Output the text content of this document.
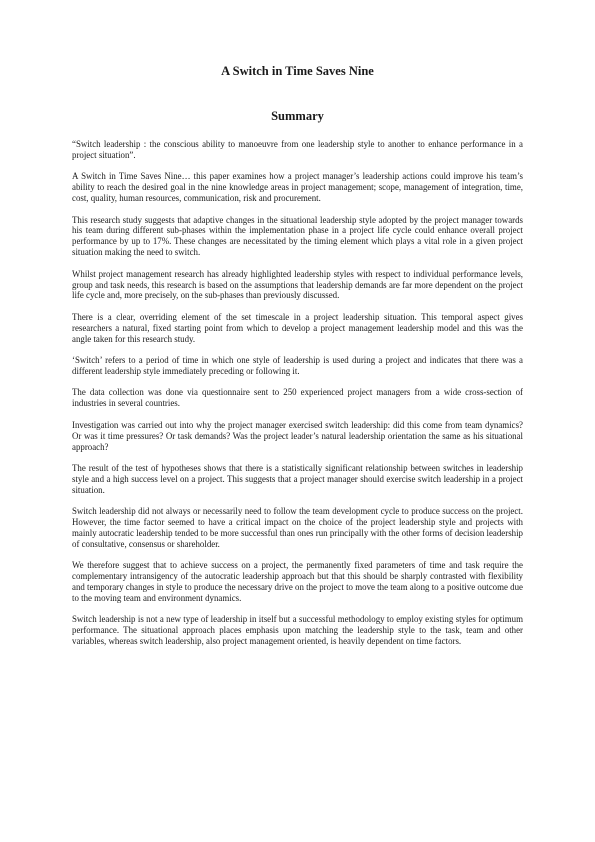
A Switch in Time Saves Nine
Summary

“Switch leadership : the conscious ability to manoeuvre from one leadership style to another to enhance performance in a project situation”.

A Switch in Time Saves Nine… this paper examines how a project manager’s leadership actions could improve his team’s ability to reach the desired goal in the nine knowledge areas in project management; scope, management of integration, time, cost, quality, human resources, communication, risk and procurement.

This research study suggests that adaptive changes in the situational leadership style adopted by the project manager towards his team during different sub-phases within the implementation phase in a project life cycle could enhance overall project performance by up to 17%. These changes are necessitated by the timing element which plays a vital role in a given project situation making the need to switch.

Whilst project management research has already highlighted leadership styles with respect to individual performance levels, group and task needs, this research is based on the assumptions that leadership demands are far more dependent on the project life cycle and, more precisely, on the sub-phases than previously discussed.

There is a clear, overriding element of the set timescale in a project leadership situation. This temporal aspect gives researchers a natural, fixed starting point from which to develop a project management leadership model and this was the angle taken for this research study.

‘Switch’ refers to a period of time in which one style of leadership is used during a project and indicates that there was a different leadership style immediately preceding or following it.

The data collection was done via questionnaire sent to 250 experienced project managers from a wide cross-section of industries in several countries.

Investigation was carried out into why the project manager exercised switch leadership: did this come from team dynamics? Or was it time pressures? Or task demands? Was the project leader’s natural leadership orientation the same as his situational approach?

The result of the test of hypotheses shows that there is a statistically significant relationship between switches in leadership style and a high success level on a project. This suggests that a project manager should exercise switch leadership in a project situation.

Switch leadership did not always or necessarily need to follow the team development cycle to produce success on the project. However, the time factor seemed to have a critical impact on the choice of the project leadership style and projects with mainly autocratic leadership tended to be more successful than ones run principally with the other forms of decision leadership of consultative, consensus or shareholder.

We therefore suggest that to achieve success on a project, the permanently fixed parameters of time and task require the complementary intransigency of the autocratic leadership approach but that this should be sharply contrasted with flexibility and temporary changes in style to produce the necessary drive on the project to move the team along to a positive outcome due to the moving team and environment dynamics.

Switch leadership is not a new type of leadership in itself but a successful methodology to employ existing styles for optimum performance. The situational approach places emphasis upon matching the leadership style to the task, team and other variables, whereas switch leadership, also project management oriented, is heavily dependent on time factors.
